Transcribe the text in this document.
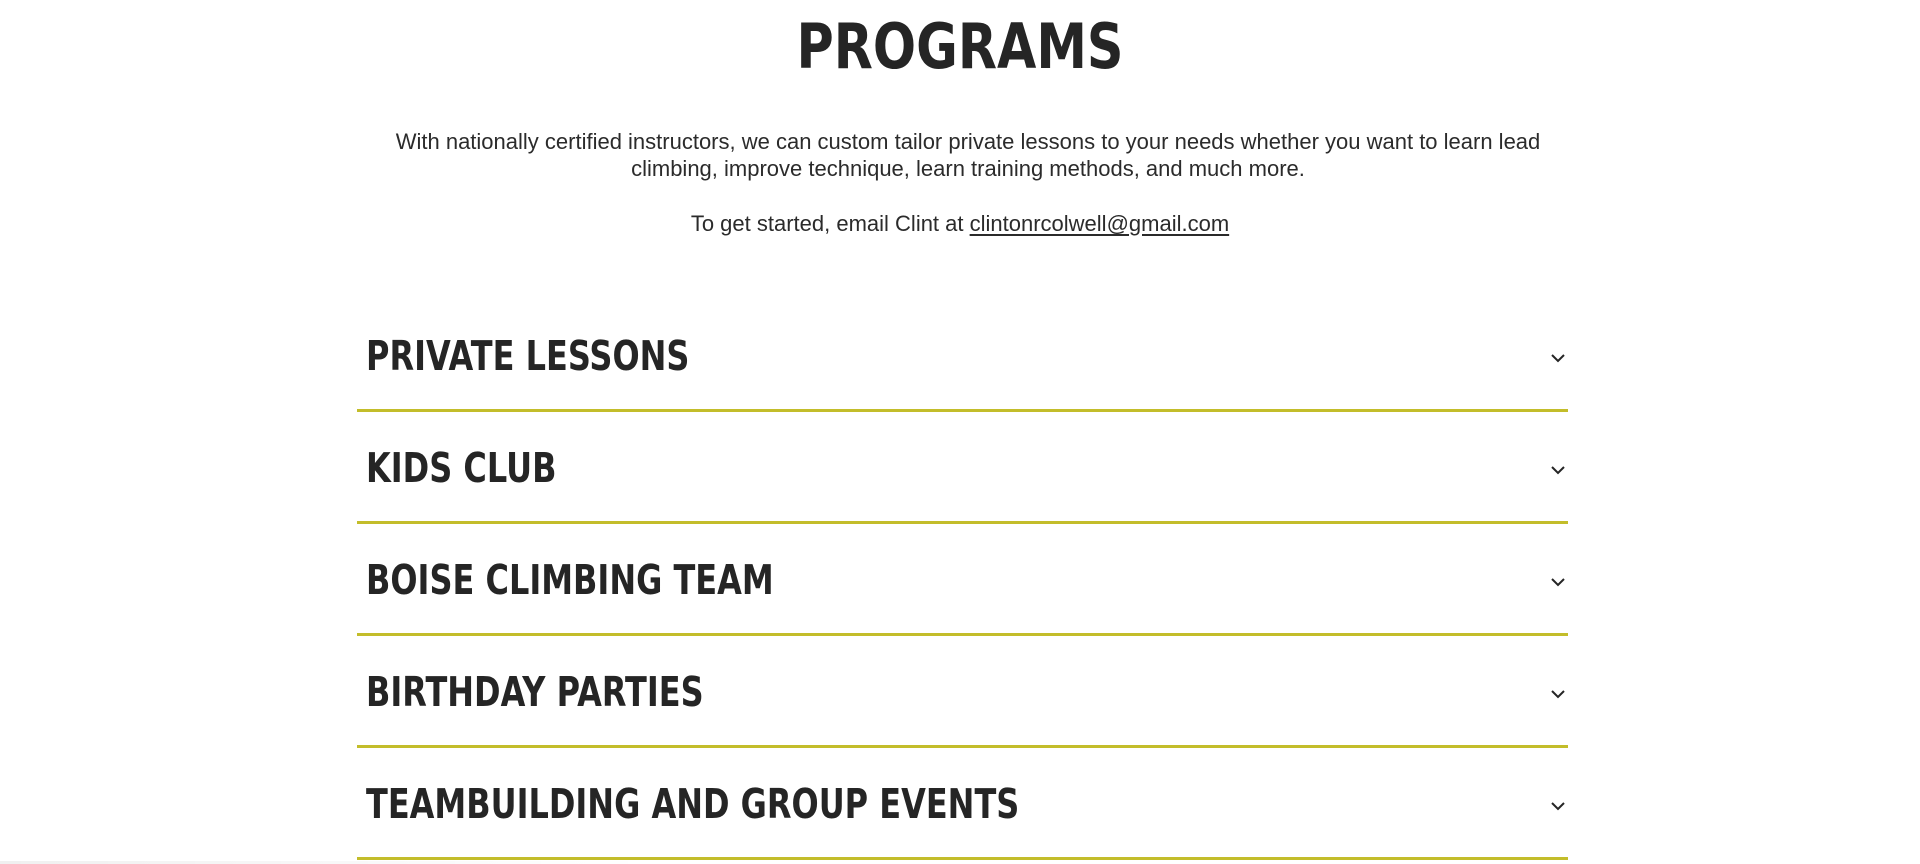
PROGRAMS

With nationally certified instructors, we can custom tailor private lessons to your needs whether you want to learn lead climbing, improve technique, learn training methods, and much more.

To get started, email Clint at clintonrcolwell@gmail.com

PRIVATE LESSONS
KIDS CLUB
BOISE CLIMBING TEAM
BIRTHDAY PARTIES
TEAMBUILDING AND GROUP EVENTS
